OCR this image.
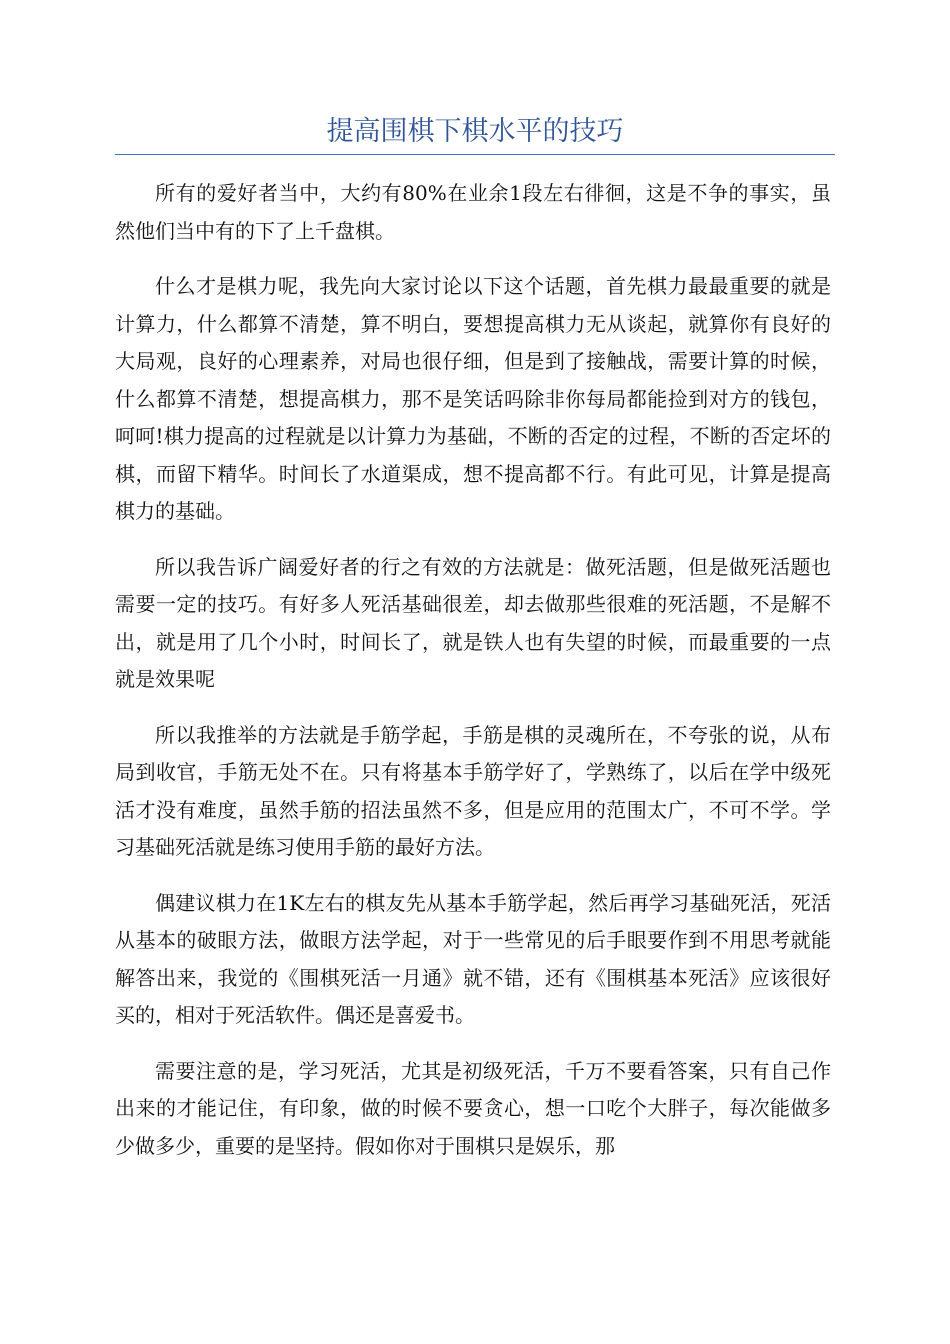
提高围棋下棋水平的技巧

所有的爱好者当中，大约有80%在业余1段左右徘徊，这是不争的事实，虽然他们当中有的下了上千盘棋。

什么才是棋力呢，我先向大家讨论以下这个话题，首先棋力最最重要的就是计算力，什么都算不清楚，算不明白，要想提高棋力无从谈起，就算你有良好的大局观，良好的心理素养，对局也很仔细，但是到了接触战，需要计算的时候，什么都算不清楚，想提高棋力，那不是笑话吗除非你每局都能捡到对方的钱包，呵呵!棋力提高的过程就是以计算力为基础，不断的否定的过程，不断的否定坏的棋，而留下精华。时间长了水道渠成，想不提高都不行。有此可见，计算是提高棋力的基础。

所以我告诉广阔爱好者的行之有效的方法就是：做死活题，但是做死活题也需要一定的技巧。有好多人死活基础很差，却去做那些很难的死活题，不是解不出，就是用了几个小时，时间长了，就是铁人也有失望的时候，而最重要的一点就是效果呢

所以我推举的方法就是手筋学起，手筋是棋的灵魂所在，不夸张的说，从布局到收官，手筋无处不在。只有将基本手筋学好了，学熟练了，以后在学中级死活才没有难度，虽然手筋的招法虽然不多，但是应用的范围太广，不可不学。学习基础死活就是练习使用手筋的最好方法。

偶建议棋力在1K左右的棋友先从基本手筋学起，然后再学习基础死活，死活从基本的破眼方法，做眼方法学起，对于一些常见的后手眼要作到不用思考就能解答出来，我觉的《围棋死活一月通》就不错，还有《围棋基本死活》应该很好买的，相对于死活软件。偶还是喜爱书。

需要注意的是，学习死活，尤其是初级死活，千万不要看答案，只有自己作出来的才能记住，有印象，做的时候不要贪心，想一口吃个大胖子，每次能做多少做多少，重要的是坚持。假如你对于围棋只是娱乐，那
